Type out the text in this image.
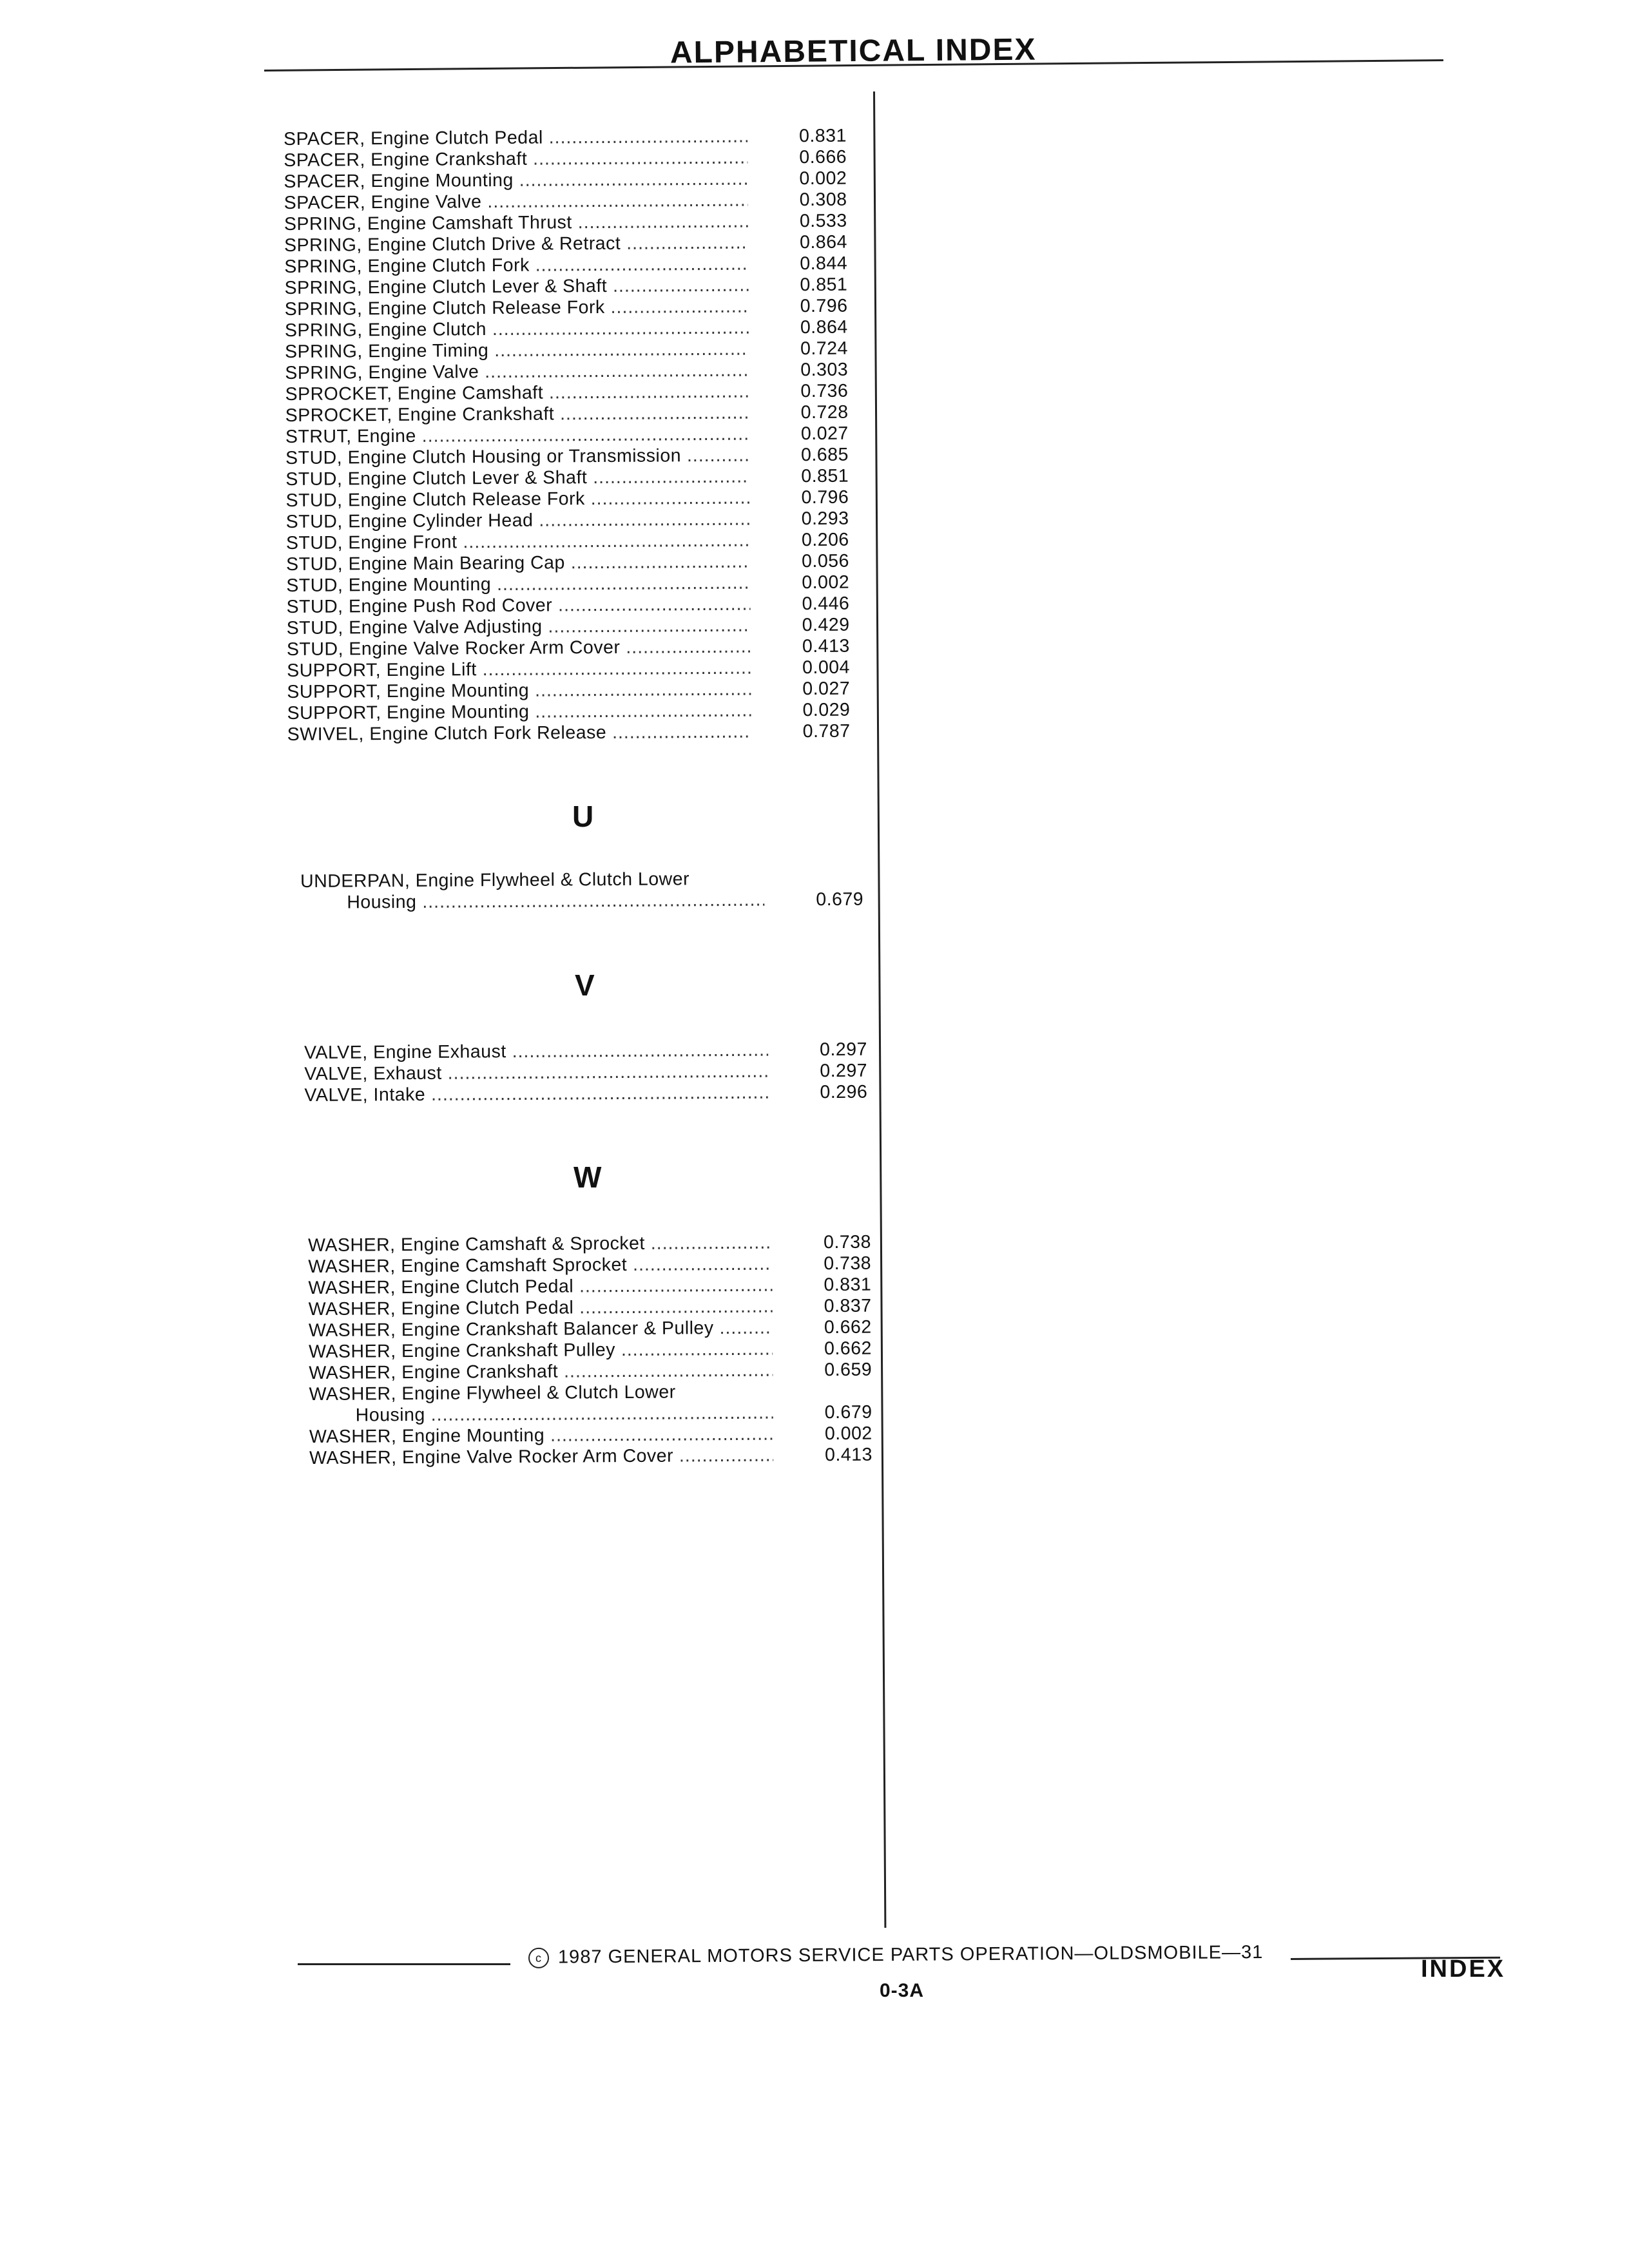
ALPHABETICAL INDEX
SPACER, Engine Clutch Pedal .....	0.831
SPACER, Engine Crankshaft .....	0.666
SPACER, Engine Mounting .....	0.002
SPACER, Engine Valve .....	0.308
SPRING, Engine Camshaft Thrust .....	0.533
SPRING, Engine Clutch Drive & Retract .....	0.864
SPRING, Engine Clutch Fork .....	0.844
SPRING, Engine Clutch Lever & Shaft .....	0.851
SPRING, Engine Clutch Release Fork .....	0.796
SPRING, Engine Clutch .....	0.864
SPRING, Engine Timing .....	0.724
SPRING, Engine Valve .....	0.303
SPROCKET, Engine Camshaft .....	0.736
SPROCKET, Engine Crankshaft .....	0.728
STRUT, Engine .....	0.027
STUD, Engine Clutch Housing or Transmission .....	0.685
STUD, Engine Clutch Lever & Shaft .....	0.851
STUD, Engine Clutch Release Fork .....	0.796
STUD, Engine Cylinder Head .....	0.293
STUD, Engine Front .....	0.206
STUD, Engine Main Bearing Cap .....	0.056
STUD, Engine Mounting .....	0.002
STUD, Engine Push Rod Cover .....	0.446
STUD, Engine Valve Adjusting .....	0.429
STUD, Engine Valve Rocker Arm Cover .....	0.413
SUPPORT, Engine Lift .....	0.004
SUPPORT, Engine Mounting .....	0.027
SUPPORT, Engine Mounting .....	0.029
SWIVEL, Engine Clutch Fork Release .....	0.787
U
UNDERPAN, Engine Flywheel & Clutch Lower
Housing .....	0.679
V
VALVE, Engine Exhaust .....	0.297
VALVE, Exhaust .....	0.297
VALVE, Intake .....	0.296
W
WASHER, Engine Camshaft & Sprocket .....	0.738
WASHER, Engine Camshaft Sprocket .....	0.738
WASHER, Engine Clutch Pedal .....	0.831
WASHER, Engine Clutch Pedal .....	0.837
WASHER, Engine Crankshaft Balancer & Pulley .....	0.662
WASHER, Engine Crankshaft Pulley .....	0.662
WASHER, Engine Crankshaft .....	0.659
WASHER, Engine Flywheel & Clutch Lower
Housing .....	0.679
WASHER, Engine Mounting .....	0.002
WASHER, Engine Valve Rocker Arm Cover .....	0.413
c 1987 GENERAL MOTORS SERVICE PARTS OPERATION—OLDSMOBILE—31
INDEX
0-3A
